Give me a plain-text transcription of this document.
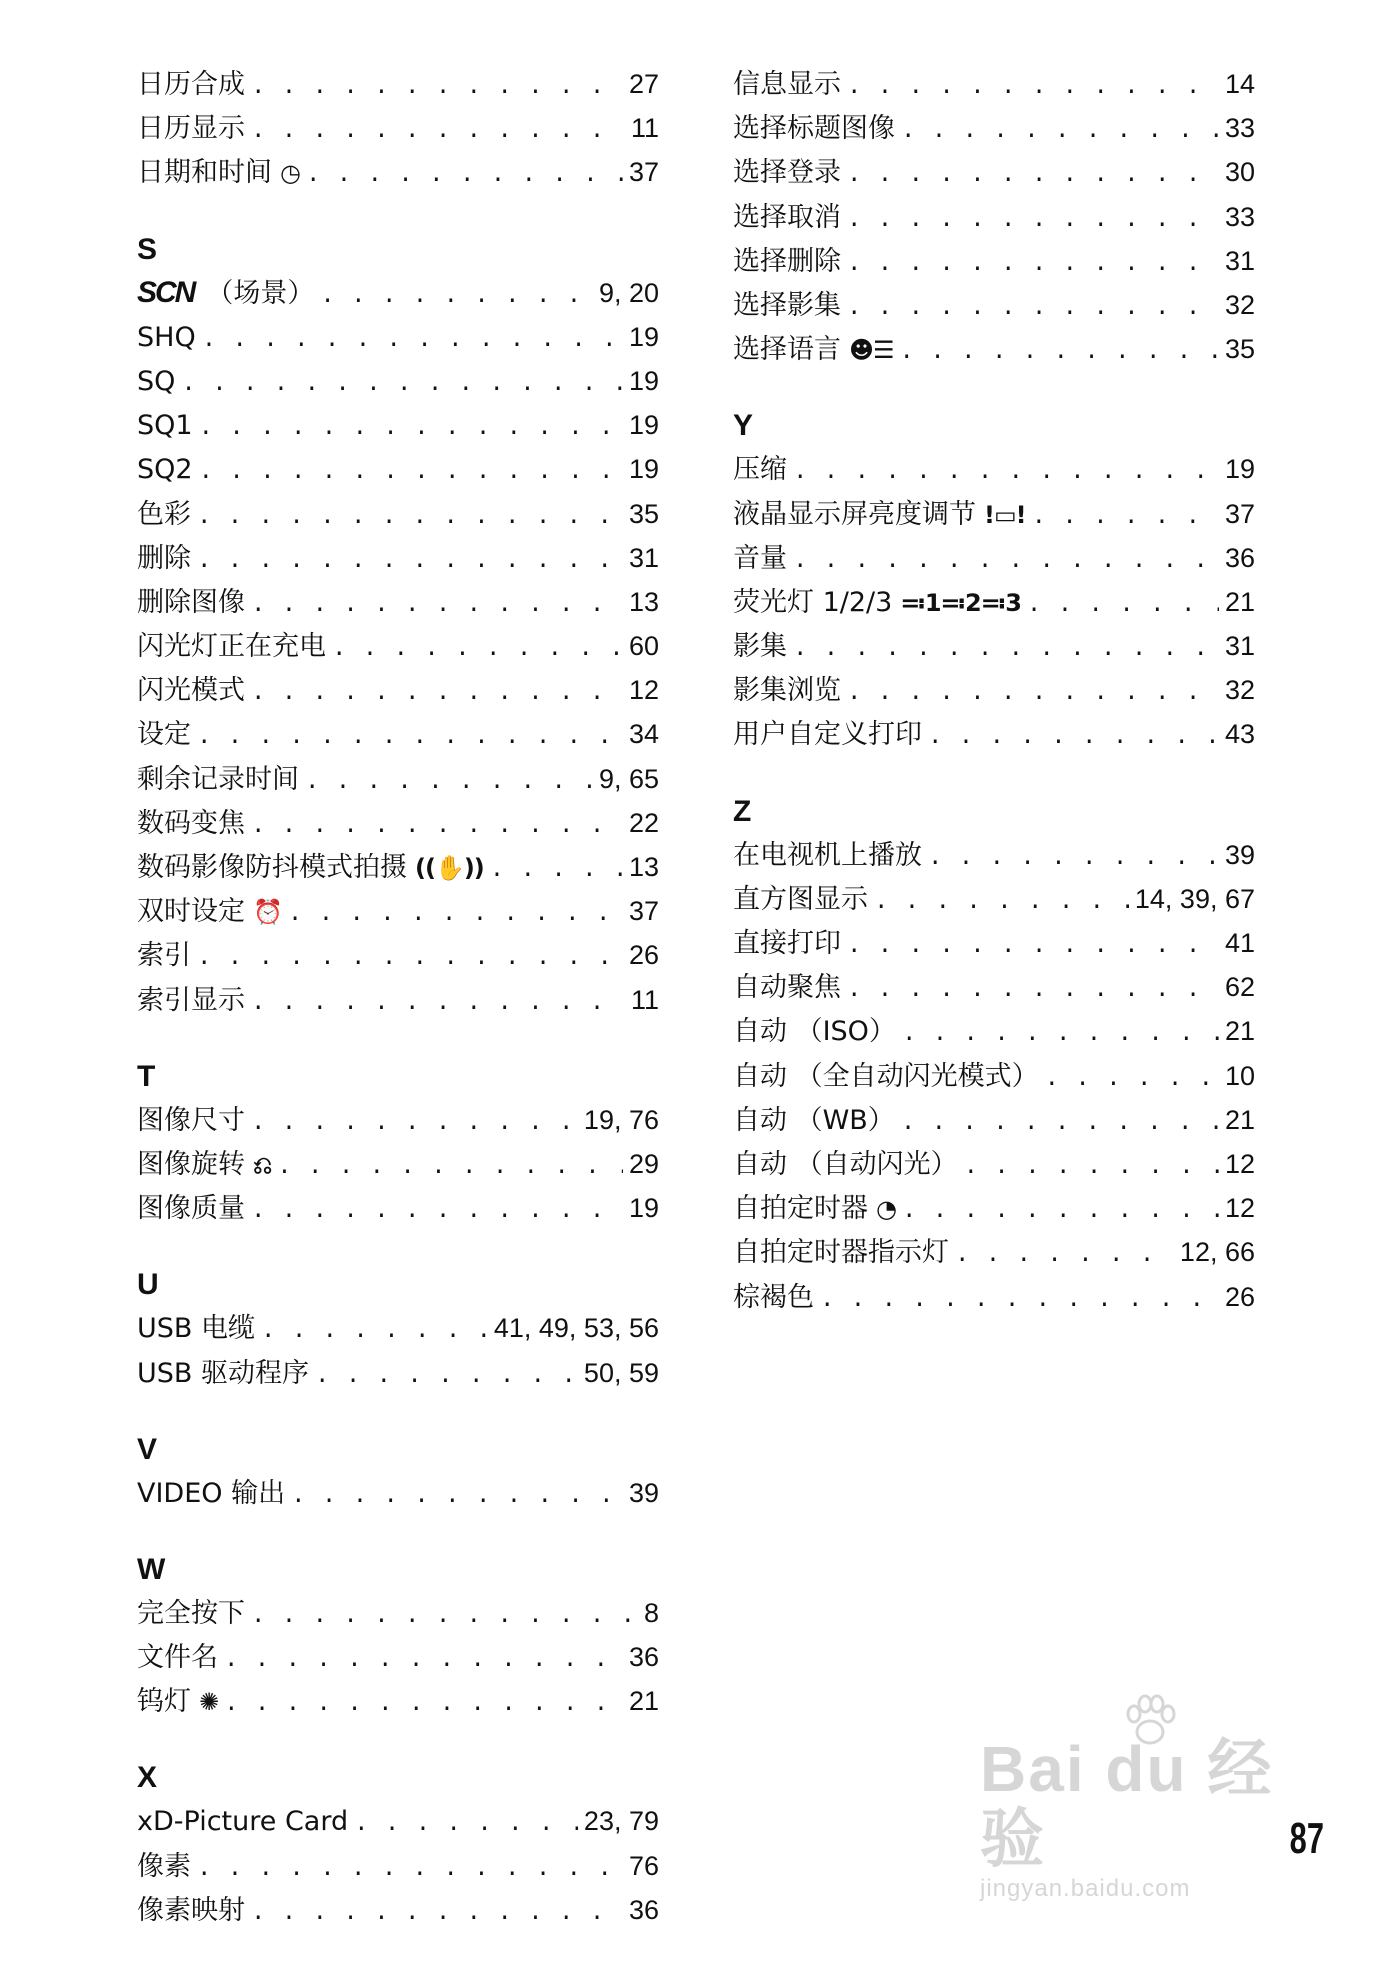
日历合成 . . .	27
日历显示 . . .	11
日期和时间 ◷ . . .	37
S
SCN （场景） . . .	9, 20
SHQ . . .	19
SQ . . .	19
SQ1 . . .	19
SQ2 . . .	19
色彩 . . .	35
删除 . . .	31
删除图像 . . .	13
闪光灯正在充电 . . .	60
闪光模式 . . .	12
设定 . . .	34
剩余记录时间 . . .	9, 65
数码变焦 . . .	22
数码影像防抖模式拍摄 ((✋)) . . .	13
双时设定 ⏰ . . .	37
索引 . . .	26
索引显示 . . .	11
T
图像尺寸 . . .	19, 76
图像旋转 ⎌ . . .	29
图像质量 . . .	19
U
USB 电缆 . . .	41, 49, 53, 56
USB 驱动程序 . . .	50, 59
V
VIDEO 输出 . . .	39
W
完全按下 . . .	8
文件名 . . .	36
钨灯 ✺ . . .	21
X
xD-Picture Card . . .	23, 79
像素 . . .	76
像素映射 . . .	36
信息显示 . . .	14
选择标题图像 . . .	33
选择登录 . . .	30
选择取消 . . .	33
选择删除 . . .	31
选择影集 . . .	32
选择语言 ☻☰ . . .	35
Y
压缩 . . .	19
液晶显示屏亮度调节 !▭! . . .	37
音量 . . .	36
荧光灯 1/2/3 ≕1≕2≕3 . . .	21
影集 . . .	31
影集浏览 . . .	32
用户自定义打印 . . .	43
Z
在电视机上播放 . . .	39
直方图显示 . . .	14, 39, 67
直接打印 . . .	41
自动聚焦 . . .	62
自动 （ISO） . . .	21
自动 （全自动闪光模式） . . .	10
自动 （WB） . . .	21
自动 （自动闪光） . . .	12
自拍定时器 ◔ . . .	12
自拍定时器指示灯 . . .	12, 66
棕褐色 . . .	26
Bai du 经验
jingyan.baidu.com
87
